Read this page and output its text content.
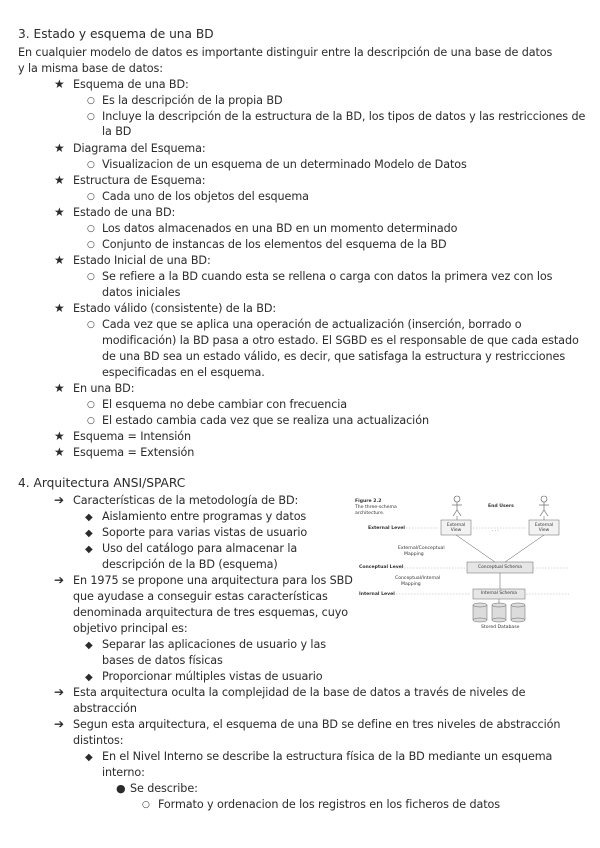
3. Estado y esquema de una BD
En cualquier modelo de datos es importante distinguir entre la descripción de una base de datos
y la misma base de datos:
★ Esquema de una BD:
○ Es la descripción de la propia BD
○ Incluye la descripción de la estructura de la BD, los tipos de datos y las restricciones de
la BD
★ Diagrama del Esquema:
○ Visualizacion de un esquema de un determinado Modelo de Datos
★ Estructura de Esquema:
○ Cada uno de los objetos del esquema
★ Estado de una BD:
○ Los datos almacenados en una BD en un momento determinado
○ Conjunto de instancas de los elementos del esquema de la BD
★ Estado Inicial de una BD:
○ Se refiere a la BD cuando esta se rellena o carga con datos la primera vez con los
datos iniciales
★ Estado válido (consistente) de la BD:
○ Cada vez que se aplica una operación de actualización (inserción, borrado o
modificación) la BD pasa a otro estado. El SGBD es el responsable de que cada estado
de una BD sea un estado válido, es decir, que satisfaga la estructura y restricciones
especificadas en el esquema.
★ En una BD:
○ El esquema no debe cambiar con frecuencia
○ El estado cambia cada vez que se realiza una actualización
★ Esquema = Intensión
★ Esquema = Extensión
4. Arquitectura ANSI/SPARC
➔ Características de la metodología de BD:
◆ Aislamiento entre programas y datos
◆ Soporte para varias vistas de usuario
◆ Uso del catálogo para almacenar la
descripción de la BD (esquema)
➔ En 1975 se propone una arquitectura para los SBD
que ayudase a conseguir estas características
denominada arquitectura de tres esquemas, cuyo
objetivo principal es:
◆ Separar las aplicaciones de usuario y las
bases de datos físicas
◆ Proporcionar múltiples vistas de usuario
➔ Esta arquitectura oculta la complejidad de la base de datos a través de niveles de
abstracción
➔ Segun esta arquitectura, el esquema de una BD se define en tres niveles de abstracción
distintos:
◆ En el Nivel Interno se describe la estructura física de la BD mediante un esquema
interno:
● Se describe:
○ Formato y ordenacion de los registros en los ficheros de datos
Figure 2.2
The three-schema
architecture.
End Users
External Level
External View
External View
. . .
External/Conceptual
Mapping
Conceptual Level	Conceptual Schema
Conceptual/Internal
Mapping
Internal Level	Internal Schema
Stored Database
